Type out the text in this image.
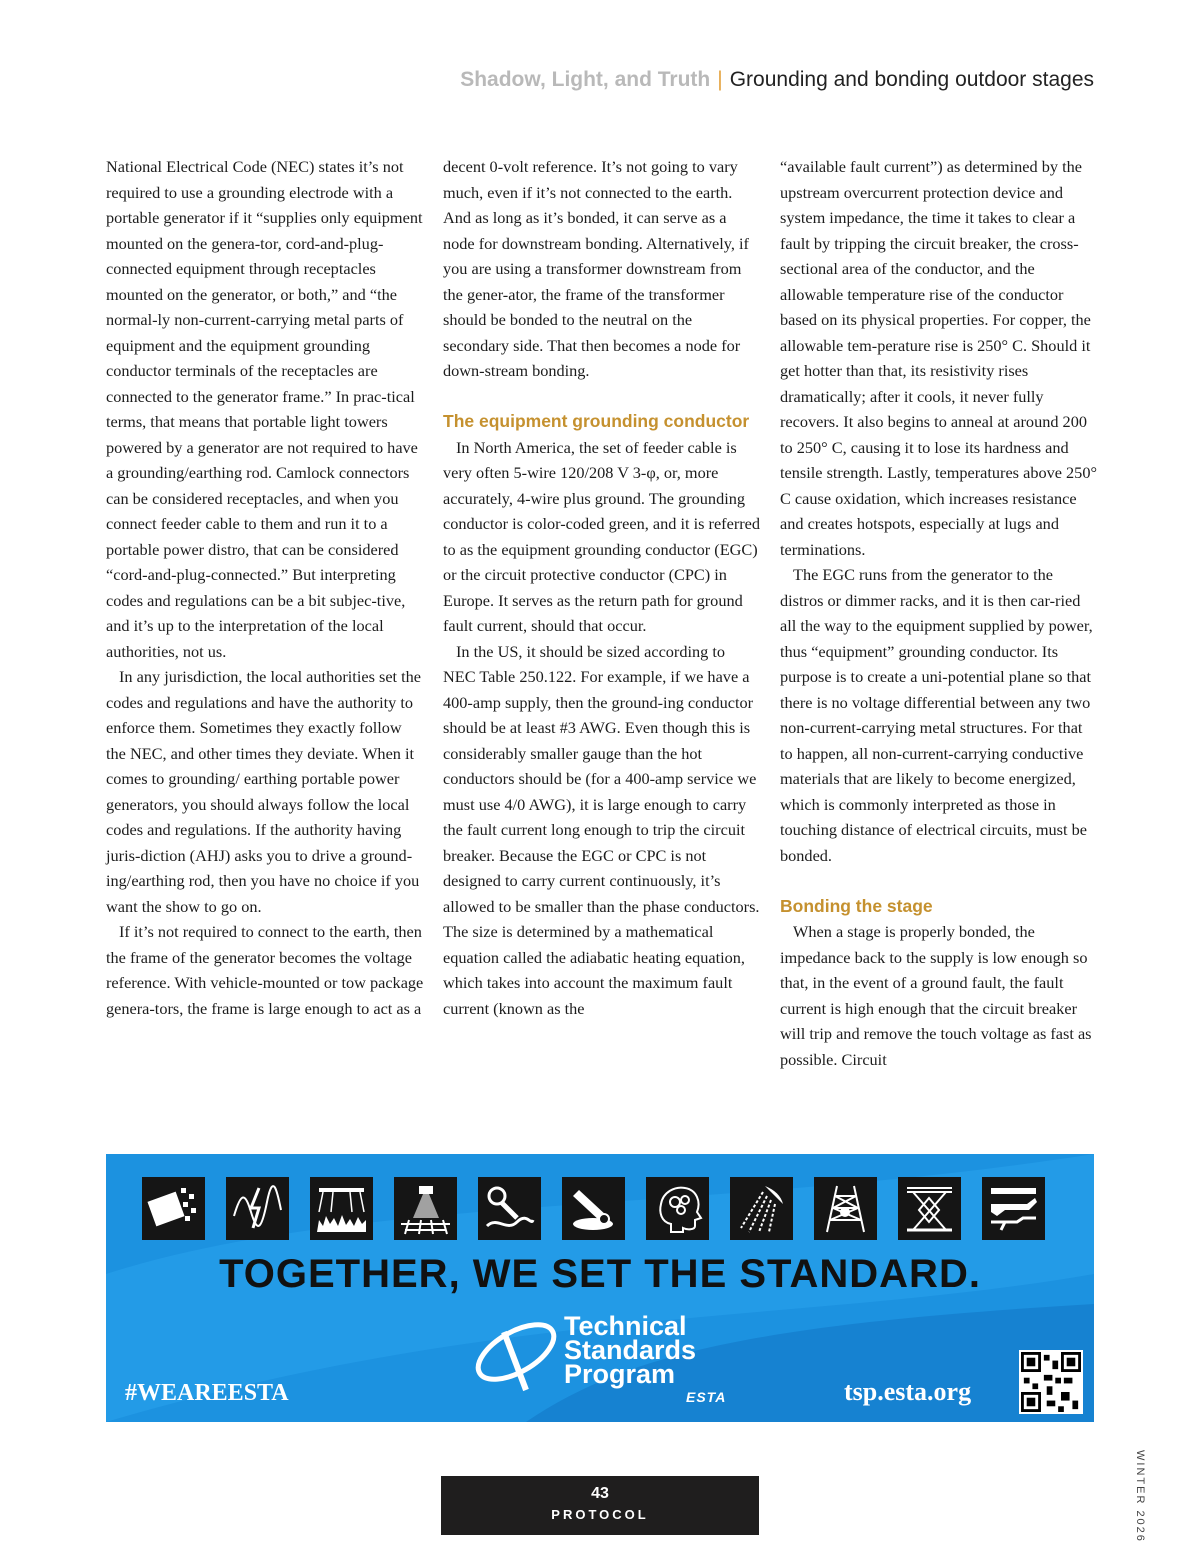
Shadow, Light, and Truth | Grounding and bonding outdoor stages

National Electrical Code (NEC) states it’s not required to use a grounding electrode with a portable generator if it “supplies only equipment mounted on the genera-tor, cord-and-plug-connected equipment through receptacles mounted on the generator, or both,” and “the normal-ly non-current-carrying metal parts of equipment and the equipment grounding conductor terminals of the receptacles are connected to the generator frame.” In prac-tical terms, that means that portable light towers powered by a generator are not required to have a grounding/earthing rod. Camlock connectors can be considered receptacles, and when you connect feeder cable to them and run it to a portable power distro, that can be considered “cord-and-plug-connected.” But interpreting codes and regulations can be a bit subjec-tive, and it’s up to the interpretation of the local authorities, not us.

In any jurisdiction, the local authorities set the codes and regulations and have the authority to enforce them. Sometimes they exactly follow the NEC, and other times they deviate. When it comes to grounding/ earthing portable power generators, you should always follow the local codes and regulations. If the authority having juris-diction (AHJ) asks you to drive a ground-ing/earthing rod, then you have no choice if you want the show to go on.

If it’s not required to connect to the earth, then the frame of the generator becomes the voltage reference. With vehicle-mounted or tow package genera-tors, the frame is large enough to act as a

decent 0-volt reference. It’s not going to vary much, even if it’s not connected to the earth. And as long as it’s bonded, it can serve as a node for downstream bonding. Alternatively, if you are using a transformer downstream from the gener-ator, the frame of the transformer should be bonded to the neutral on the secondary side. That then becomes a node for down-stream bonding.

The equipment grounding conductor

In North America, the set of feeder cable is very often 5-wire 120/208 V 3-φ, or, more accurately, 4-wire plus ground. The grounding conductor is color-coded green, and it is referred to as the equipment grounding conductor (EGC) or the circuit protective conductor (CPC) in Europe. It serves as the return path for ground fault current, should that occur.

In the US, it should be sized according to NEC Table 250.122. For example, if we have a 400-amp supply, then the ground-ing conductor should be at least #3 AWG. Even though this is considerably smaller gauge than the hot conductors should be (for a 400-amp service we must use 4/0 AWG), it is large enough to carry the fault current long enough to trip the circuit breaker. Because the EGC or CPC is not designed to carry current continuously, it’s allowed to be smaller than the phase conductors. The size is determined by a mathematical equation called the adiabatic heating equation, which takes into account the maximum fault current (known as the

“available fault current”) as determined by the upstream overcurrent protection device and system impedance, the time it takes to clear a fault by tripping the circuit breaker, the cross-sectional area of the conductor, and the allowable temperature rise of the conductor based on its physical properties. For copper, the allowable tem-perature rise is 250° C. Should it get hotter than that, its resistivity rises dramatically; after it cools, it never fully recovers. It also begins to anneal at around 200 to 250° C, causing it to lose its hardness and tensile strength. Lastly, temperatures above 250° C cause oxidation, which increases resistance and creates hotspots, especially at lugs and terminations.

The EGC runs from the generator to the distros or dimmer racks, and it is then car-ried all the way to the equipment supplied by power, thus “equipment” grounding conductor. Its purpose is to create a uni-potential plane so that there is no voltage differential between any two non-current-carrying metal structures. For that to happen, all non-current-carrying conductive materials that are likely to become energized, which is commonly interpreted as those in touching distance of electrical circuits, must be bonded.

Bonding the stage

When a stage is properly bonded, the impedance back to the supply is low enough so that, in the event of a ground fault, the fault current is high enough that the circuit breaker will trip and remove the touch voltage as fast as possible. Circuit

TOGETHER, WE SET THE STANDARD.
Technical
Standards
Program
ESTA
#WEAREESTA	tsp.esta.org
43
PROTOCOL	WINTER 2026
